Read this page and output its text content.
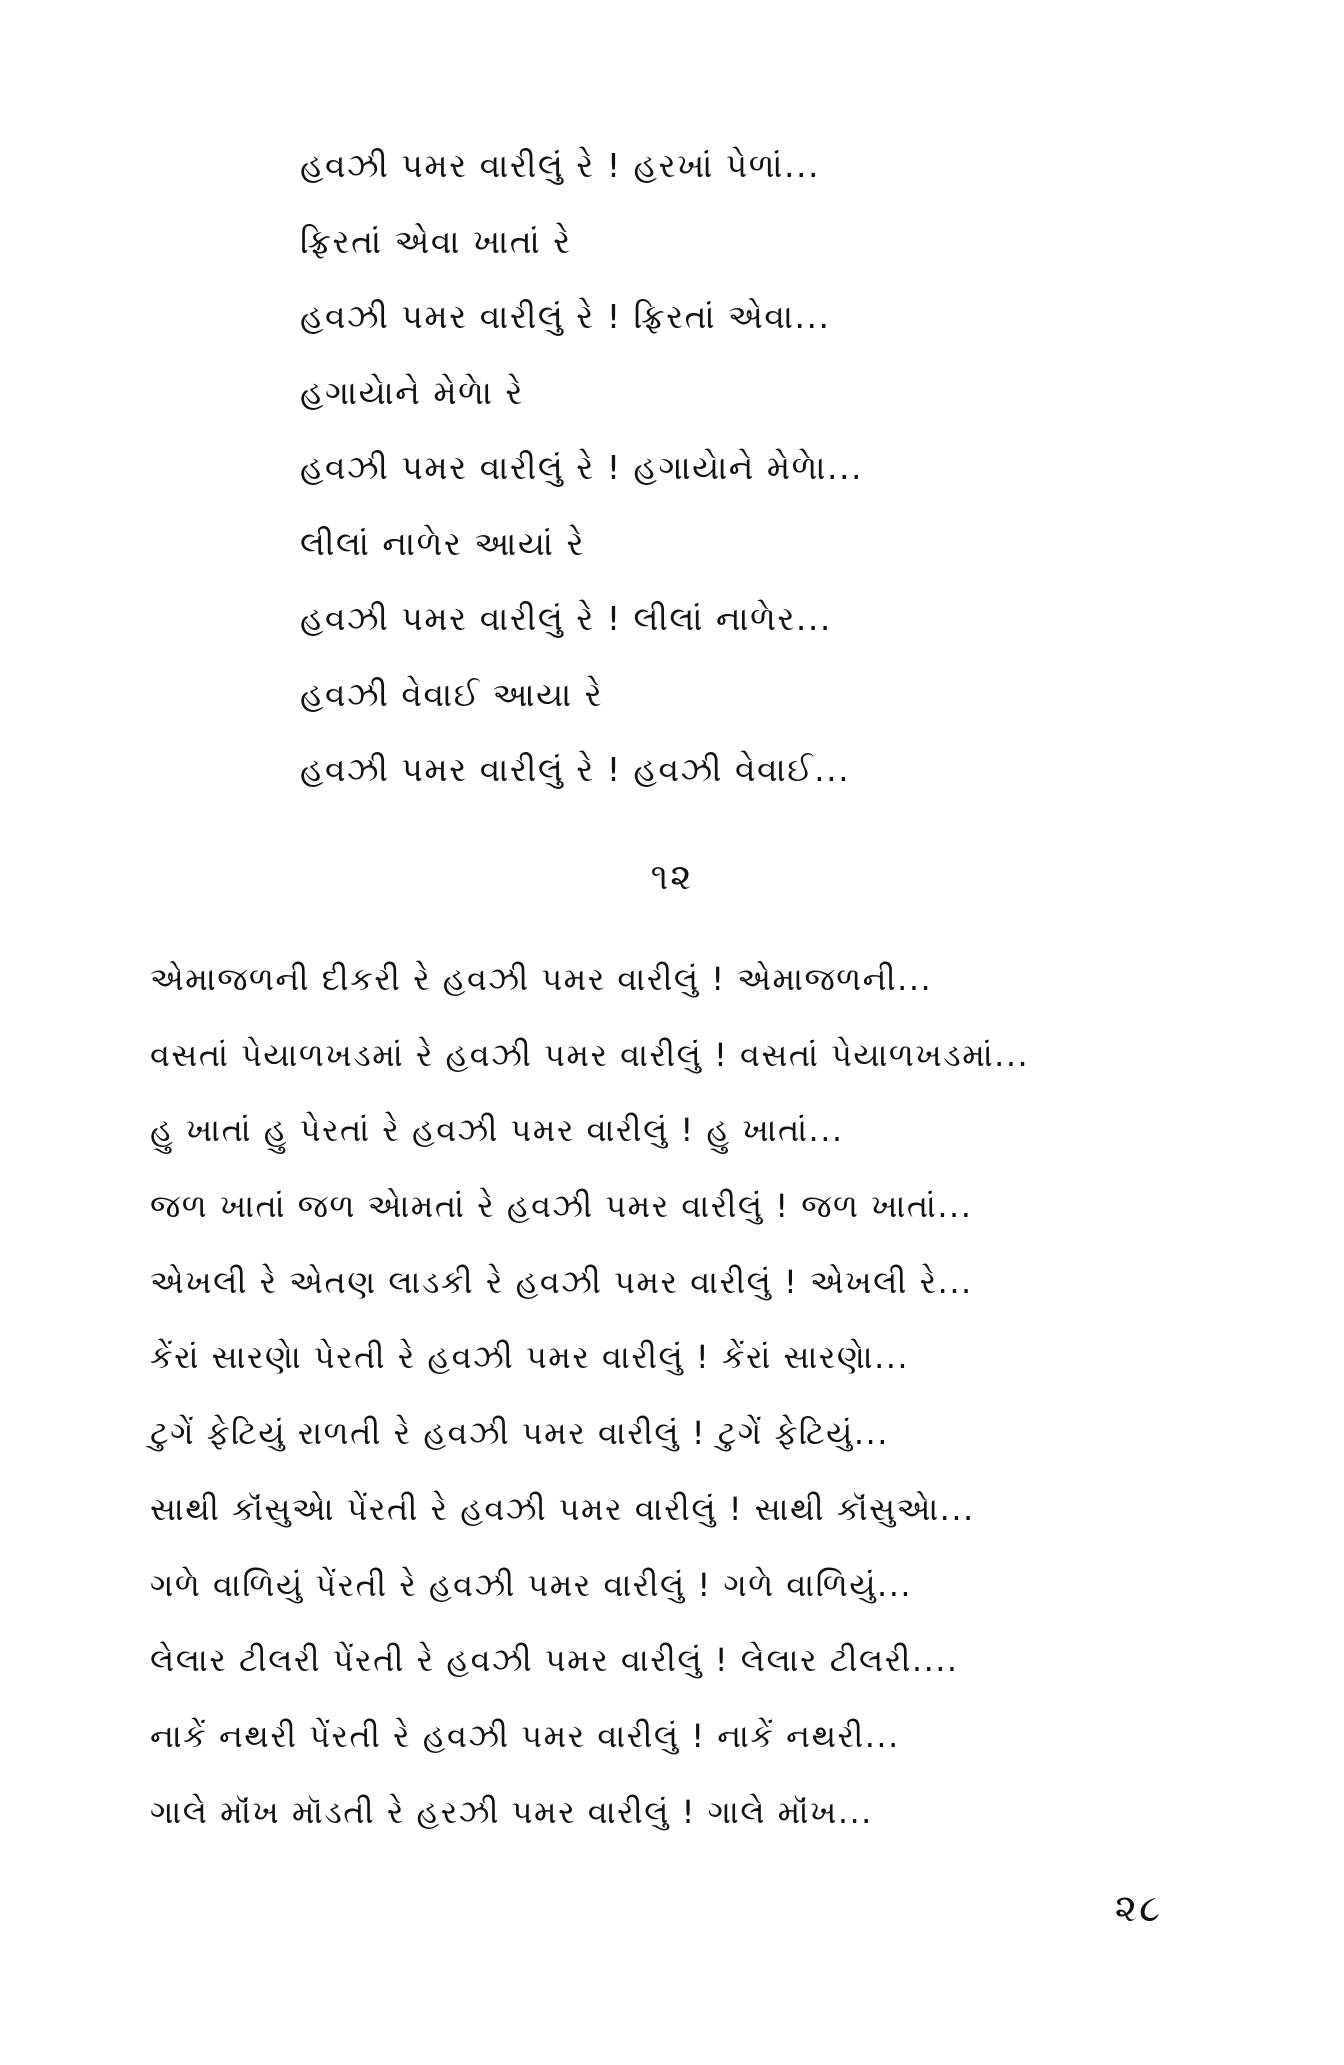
હવઝી પમર વારીલું રે ! હરખાં પેળાં...
ફ્રિરતાં એવા ખાતાં રે
હવઝી પમર વારીલું રે ! ફ્રિરતાં એવા...
હગાયેાને મેળેા રે
હવઝી પમર વારીલું રે ! હગાયેાને મેળેા...
લીલાં નાળેર આયાં રે
હવઝી પમર વારીલું રે ! લીલાં નાળેર...
હવઝી વેવાઈ આયા રે
હવઝી પમર વારીલું રે ! હવઝી વેવાઈ...
૧૨
એમાજળની દીકરી રે હવઝી પમર વારીલું ! એમાજળની...
વસતાં પેયાળખડમાં રે હવઝી પમર વારીલું ! વસતાં પેયાળખડમાં...
હુ ખાતાં હુ પેરતાં રે હવઝી પમર વારીલું ! હુ ખાતાં...
જળ ખાતાં જળ એામતાં રે હવઝી પમર વારીલું ! જળ ખાતાં...
એખલી રે એતણ લાડકી રે હવઝી પમર વારીલું ! એખલી રે...
કેંરાં સારણેા પેરતી રે હવઝી પમર વારીલું ! કેંરાં સારણેા...
ટુગેં ફેટિયું રાળતી રે હવઝી પમર વારીલું ! ટુગેં ફેટિયું...
સાથી કૉંસુએા પેંરતી રે હવઝી પમર વારીલું ! સાથી કૉંસુએા...
ગળે વાળિયું પેંરતી રે હવઝી પમર વારીલું ! ગળે વાળિયું...
લેલાર ટીલરી પેંરતી રે હવઝી પમર વારીલું ! લેલાર ટીલરી....
નાકેં નથરી પેંરતી રે હવઝી પમર વારીલું ! નાકેં નથરી...
ગાલે મૉંખ મૉડતી રે હરઝી પમર વારીલું ! ગાલે મૉંખ...
૨૮
